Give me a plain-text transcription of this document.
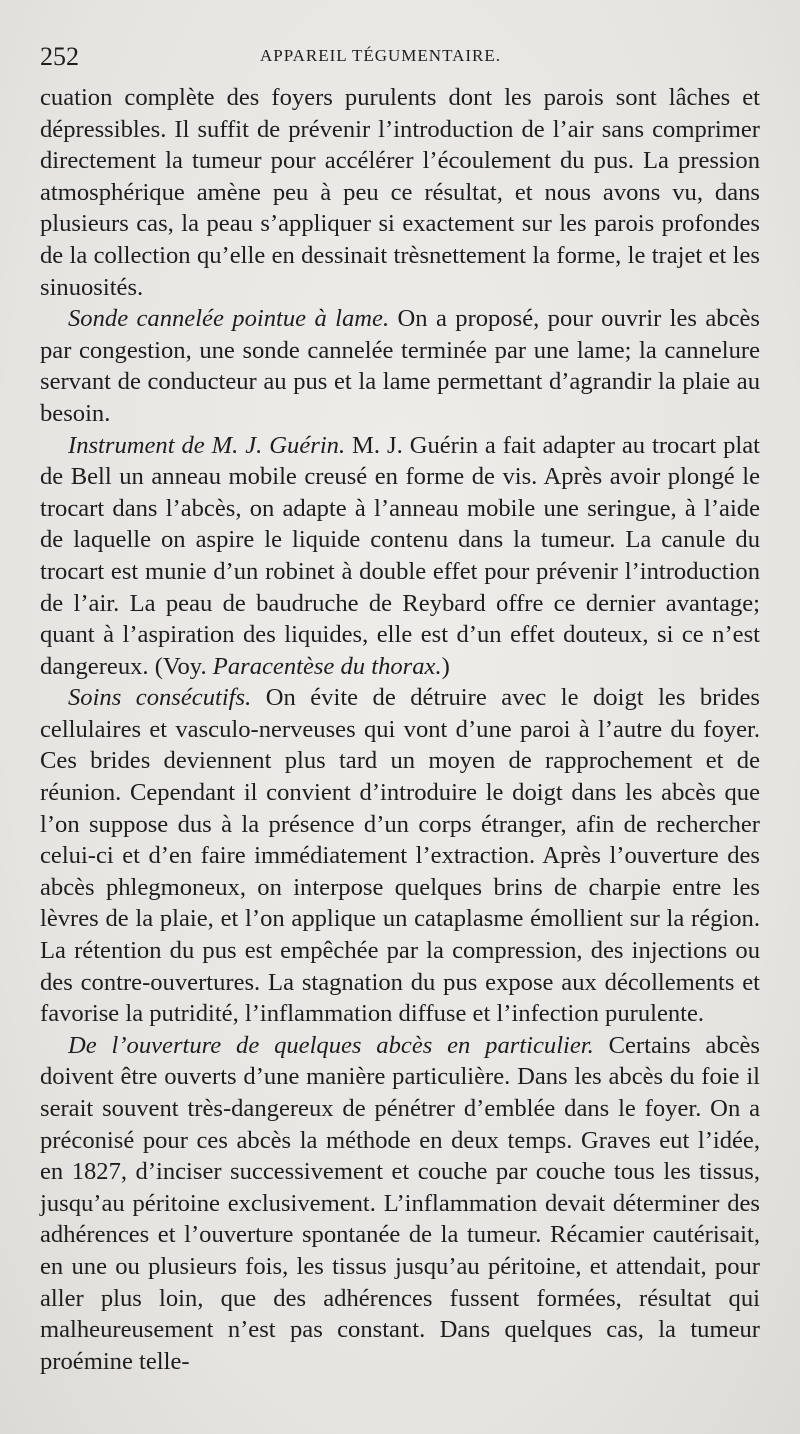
252	APPAREIL TÉGUMENTAIRE.

cuation complète des foyers purulents dont les parois sont lâches et dépressibles. Il suffit de prévenir l’introduction de l’air sans comprimer directement la tumeur pour accélérer l’écoulement du pus. La pression atmosphérique amène peu à peu ce résultat, et nous avons vu, dans plusieurs cas, la peau s’appliquer si exactement sur les parois profondes de la collection qu’elle en dessinait trèsnettement la forme, le trajet et les sinuosités.

Sonde cannelée pointue à lame. On a proposé, pour ouvrir les abcès par congestion, une sonde cannelée terminée par une lame; la cannelure servant de conducteur au pus et la lame permettant d’agrandir la plaie au besoin.

Instrument de M. J. Guérin. M. J. Guérin a fait adapter au trocart plat de Bell un anneau mobile creusé en forme de vis. Après avoir plongé le trocart dans l’abcès, on adapte à l’anneau mobile une seringue, à l’aide de laquelle on aspire le liquide contenu dans la tumeur. La canule du trocart est munie d’un robinet à double effet pour prévenir l’introduction de l’air. La peau de baudruche de Reybard offre ce dernier avantage; quant à l’aspiration des liquides, elle est d’un effet douteux, si ce n’est dangereux. (Voy. Paracentèse du thorax.)

Soins consécutifs. On évite de détruire avec le doigt les brides cellulaires et vasculo-nerveuses qui vont d’une paroi à l’autre du foyer. Ces brides deviennent plus tard un moyen de rapprochement et de réunion. Cependant il convient d’introduire le doigt dans les abcès que l’on suppose dus à la présence d’un corps étranger, afin de rechercher celui-ci et d’en faire immédiatement l’extraction. Après l’ouverture des abcès phlegmoneux, on interpose quelques brins de charpie entre les lèvres de la plaie, et l’on applique un cataplasme émollient sur la région. La rétention du pus est empêchée par la compression, des injections ou des contre-ouvertures. La stagnation du pus expose aux décollements et favorise la putridité, l’inflammation diffuse et l’infection purulente.

De l’ouverture de quelques abcès en particulier. Certains abcès doivent être ouverts d’une manière particulière. Dans les abcès du foie il serait souvent très-dangereux de pénétrer d’emblée dans le foyer. On a préconisé pour ces abcès la méthode en deux temps. Graves eut l’idée, en 1827, d’inciser successivement et couche par couche tous les tissus, jusqu’au péritoine exclusivement. L’inflammation devait déterminer des adhérences et l’ouverture spontanée de la tumeur. Récamier cautérisait, en une ou plusieurs fois, les tissus jusqu’au péritoine, et attendait, pour aller plus loin, que des adhérences fussent formées, résultat qui malheureusement n’est pas constant. Dans quelques cas, la tumeur proémine telle-
